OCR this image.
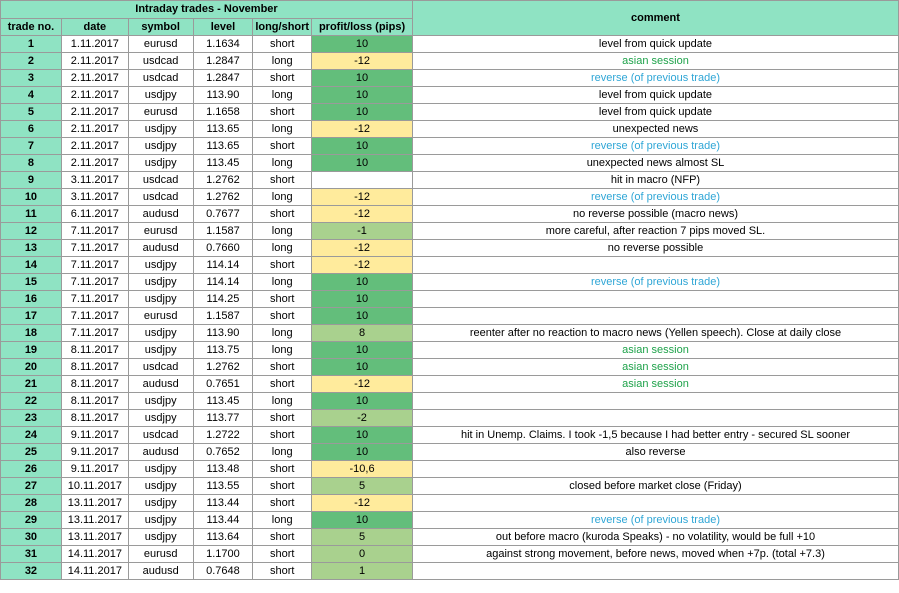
Intraday trades - November						comment
trade no.	date	symbol	level	long/short	profit/loss (pips)	
1	1.11.2017	eurusd	1.1634	short	10	level from quick update
2	2.11.2017	usdcad	1.2847	long	-12	asian session
3	2.11.2017	usdcad	1.2847	short	10	reverse (of previous trade)
4	2.11.2017	usdjpy	113.90	long	10	level from quick update
5	2.11.2017	eurusd	1.1658	short	10	level from quick update
6	2.11.2017	usdjpy	113.65	long	-12	unexpected news
7	2.11.2017	usdjpy	113.65	short	10	reverse (of previous trade)
8	2.11.2017	usdjpy	113.45	long	10	unexpected news almost SL
9	3.11.2017	usdcad	1.2762	short		hit in macro (NFP)
10	3.11.2017	usdcad	1.2762	long	-12	reverse (of previous trade)
11	6.11.2017	audusd	0.7677	short	-12	no reverse possible (macro news)
12	7.11.2017	eurusd	1.1587	long	-1	more careful, after reaction 7 pips moved SL.
13	7.11.2017	audusd	0.7660	long	-12	no reverse possible
14	7.11.2017	usdjpy	114.14	short	-12	
15	7.11.2017	usdjpy	114.14	long	10	reverse (of previous trade)
16	7.11.2017	usdjpy	114.25	short	10	
17	7.11.2017	eurusd	1.1587	short	10	
18	7.11.2017	usdjpy	113.90	long	8	reenter after no reaction to macro news (Yellen speech). Close at daily close
19	8.11.2017	usdjpy	113.75	long	10	asian session
20	8.11.2017	usdcad	1.2762	short	10	asian session
21	8.11.2017	audusd	0.7651	short	-12	asian session
22	8.11.2017	usdjpy	113.45	long	10	
23	8.11.2017	usdjpy	113.77	short	-2	
24	9.11.2017	usdcad	1.2722	short	10	hit in Unemp. Claims. I took -1,5 because I had better entry - secured SL sooner
25	9.11.2017	audusd	0.7652	long	10	also reverse
26	9.11.2017	usdjpy	113.48	short	-10,6	
27	10.11.2017	usdjpy	113.55	short	5	closed before market close (Friday)
28	13.11.2017	usdjpy	113.44	short	-12	
29	13.11.2017	usdjpy	113.44	long	10	reverse (of previous trade)
30	13.11.2017	usdjpy	113.64	short	5	out before macro (kuroda Speaks) - no volatility, would be full +10
31	14.11.2017	eurusd	1.1700	short	0	against strong movement, before news, moved when +7p. (total +7.3)
32	14.11.2017	audusd	0.7648	short	1	
